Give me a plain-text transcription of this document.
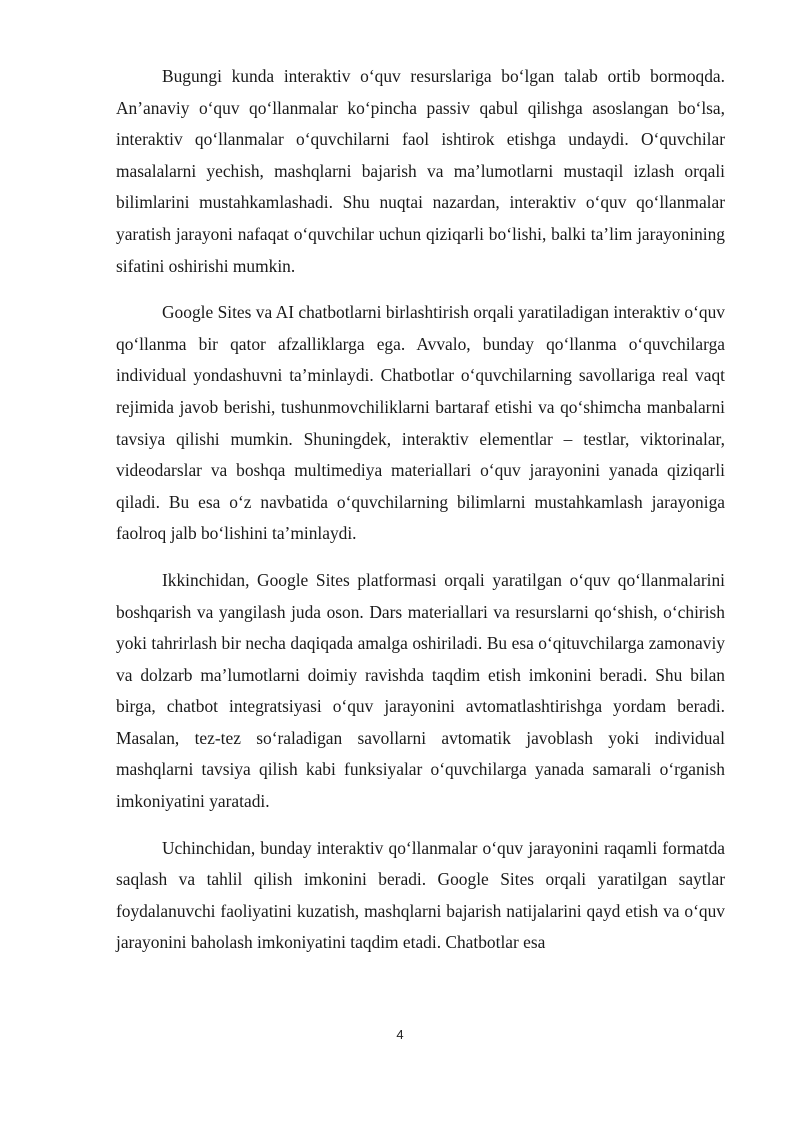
Bugungi kunda interaktiv o‘quv resurslariga bo‘lgan talab ortib bormoqda. An’anaviy o‘quv qo‘llanmalar ko‘pincha passiv qabul qilishga asoslangan bo‘lsa, interaktiv qo‘llanmalar o‘quvchilarni faol ishtirok etishga undaydi. O‘quvchilar masalalarni yechish, mashqlarni bajarish va ma’lumotlarni mustaqil izlash orqali bilimlarini mustahkamlashadi. Shu nuqtai nazardan, interaktiv o‘quv qo‘llanmalar yaratish jarayoni nafaqat o‘quvchilar uchun qiziqarli bo‘lishi, balki ta’lim jarayonining sifatini oshirishi mumkin.

Google Sites va AI chatbotlarni birlashtirish orqali yaratiladigan interaktiv o‘quv qo‘llanma bir qator afzalliklarga ega. Avvalo, bunday qo‘llanma o‘quvchilarga individual yondashuvni ta’minlaydi. Chatbotlar o‘quvchilarning savollariga real vaqt rejimida javob berishi, tushunmovchiliklarni bartaraf etishi va qo‘shimcha manbalarni tavsiya qilishi mumkin. Shuningdek, interaktiv elementlar – testlar, viktorinalar, videodarslar va boshqa multimediya materiallari o‘quv jarayonini yanada qiziqarli qiladi. Bu esa o‘z navbatida o‘quvchilarning bilimlarni mustahkamlash jarayoniga faolroq jalb bo‘lishini ta’minlaydi.

Ikkinchidan, Google Sites platformasi orqali yaratilgan o‘quv qo‘llanmalarini boshqarish va yangilash juda oson. Dars materiallari va resurslarni qo‘shish, o‘chirish yoki tahrirlash bir necha daqiqada amalga oshiriladi. Bu esa o‘qituvchilarga zamonaviy va dolzarb ma’lumotlarni doimiy ravishda taqdim etish imkonini beradi. Shu bilan birga, chatbot integratsiyasi o‘quv jarayonini avtomatlashtirishga yordam beradi. Masalan, tez-tez so‘raladigan savollarni avtomatik javoblash yoki individual mashqlarni tavsiya qilish kabi funksiyalar o‘quvchilarga yanada samarali o‘rganish imkoniyatini yaratadi.

Uchinchidan, bunday interaktiv qo‘llanmalar o‘quv jarayonini raqamli formatda saqlash va tahlil qilish imkonini beradi. Google Sites orqali yaratilgan saytlar foydalanuvchi faoliyatini kuzatish, mashqlarni bajarish natijalarini qayd etish va o‘quv jarayonini baholash imkoniyatini taqdim etadi. Chatbotlar esa

4
